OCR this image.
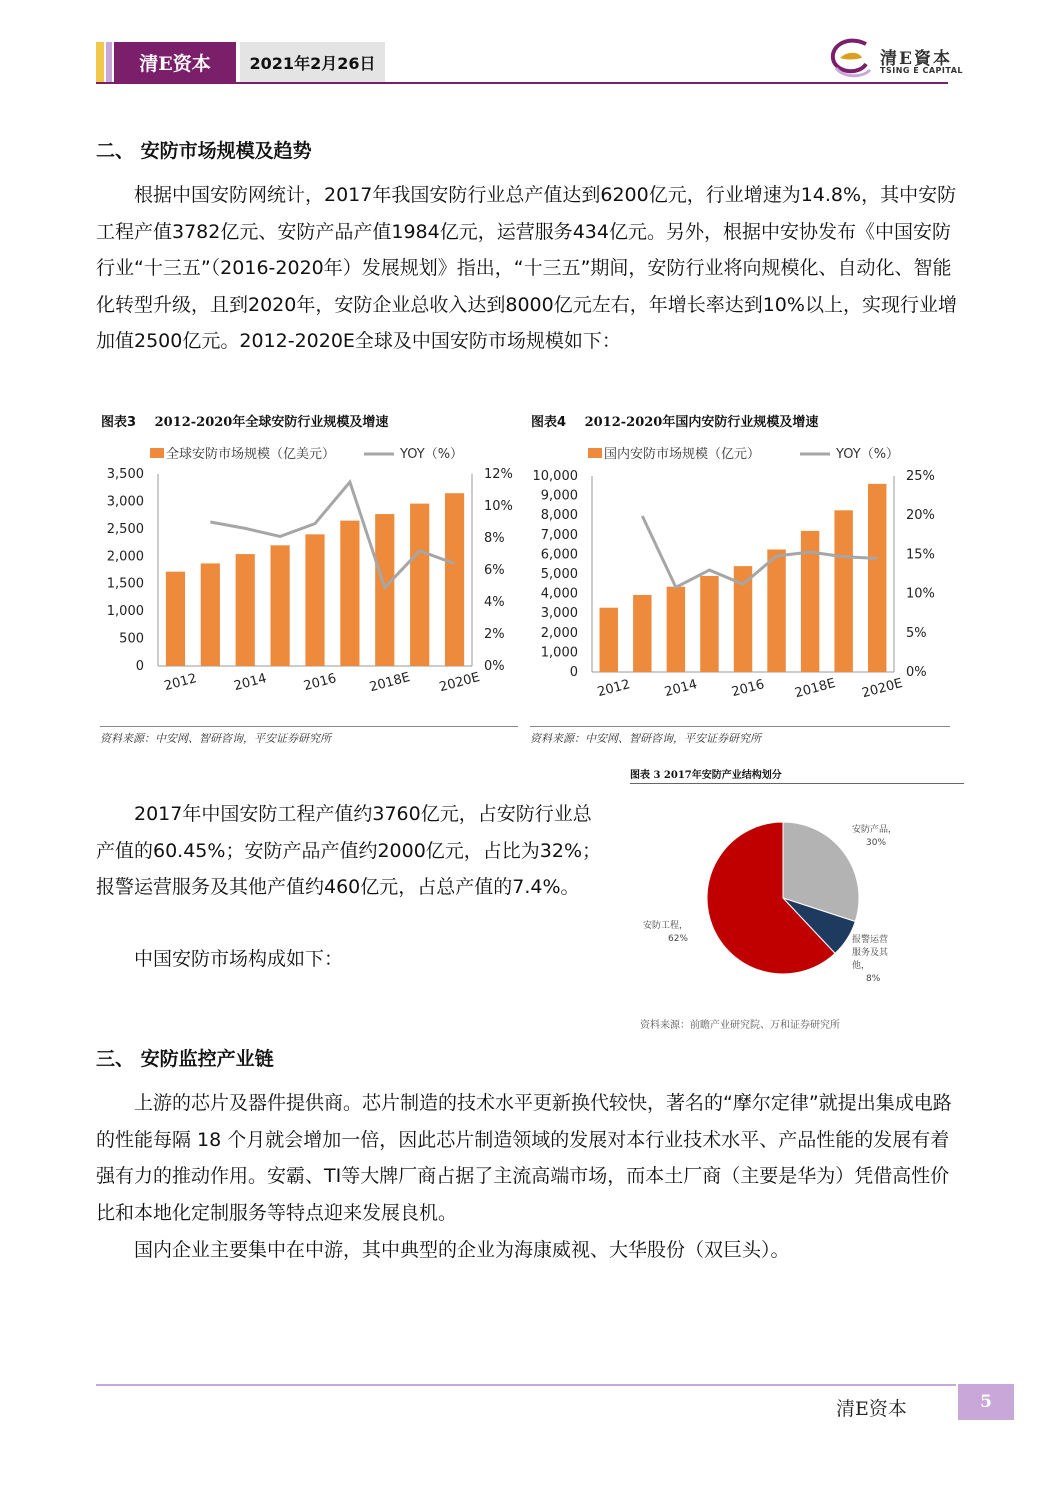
清E资本	2021年2月26日	清E資本
TSING E CAPITAL
二、 安防市场规模及趋势

根据中国安防网统计，2017年我国安防行业总产值达到6200亿元，行业增速为14.8%，其中安防工程产值3782亿元、安防产品产值1984亿元，运营服务434亿元。另外，根据中安协发布《中国安防行业“十三五”（2016-2020年）发展规划》指出，“十三五”期间，安防行业将向规模化、自动化、智能化转型升级，且到2020年，安防企业总收入达到8000亿元左右，年增长率达到10%以上，实现行业增加值2500亿元。2012-2020E全球及中国安防市场规模如下：

图表3 2012-2020年全球安防行业规模及增速	图表4 2012-2020年国内安防行业规模及增速
全球安防市场规模（亿美元）	YOY（%）
0
500
1,000
1,500
2,000
2,500
3,000
3,500
0%
2%
4%
6%
8%
10%
12%
2012	2014	2016 2018E 2020E
国内安防市场规模（亿元）	YOY（%）
0
1,000
2,000
3,000
4,000
5,000
6,000
7,000
8,000
9,000
10,000
0%
5%
10%
15%
20%
25%
2012 2014 2016 2018E 2020E
资料来源：中安网、智研咨询，平安证券研究所	资料来源：中安网、智研咨询，平安证券研究所
图表 3 2017年安防产业结构划分
安防产品，
30%
报警运营
服务及其
他，
8%
安防工程，
62%
资料来源：前瞻产业研究院、万和证券研究所

2017年中国安防工程产值约3760亿元，占安防行业总产值的60.45%；安防产品产值约2000亿元，占比为32%；报警运营服务及其他产值约460亿元，占总产值的7.4%。

中国安防市场构成如下：

三、 安防监控产业链

上游的芯片及器件提供商。芯片制造的技术水平更新换代较快，著名的“摩尔定律”就提出集成电路的性能每隔 18 个月就会增加一倍，因此芯片制造领域的发展对本行业技术水平、产品性能的发展有着强有力的推动作用。安霸、TI等大牌厂商占据了主流高端市场，而本土厂商（主要是华为）凭借高性价比和本地化定制服务等特点迎来发展良机。

国内企业主要集中在中游，其中典型的企业为海康威视、大华股份（双巨头）。

清E资本	5
